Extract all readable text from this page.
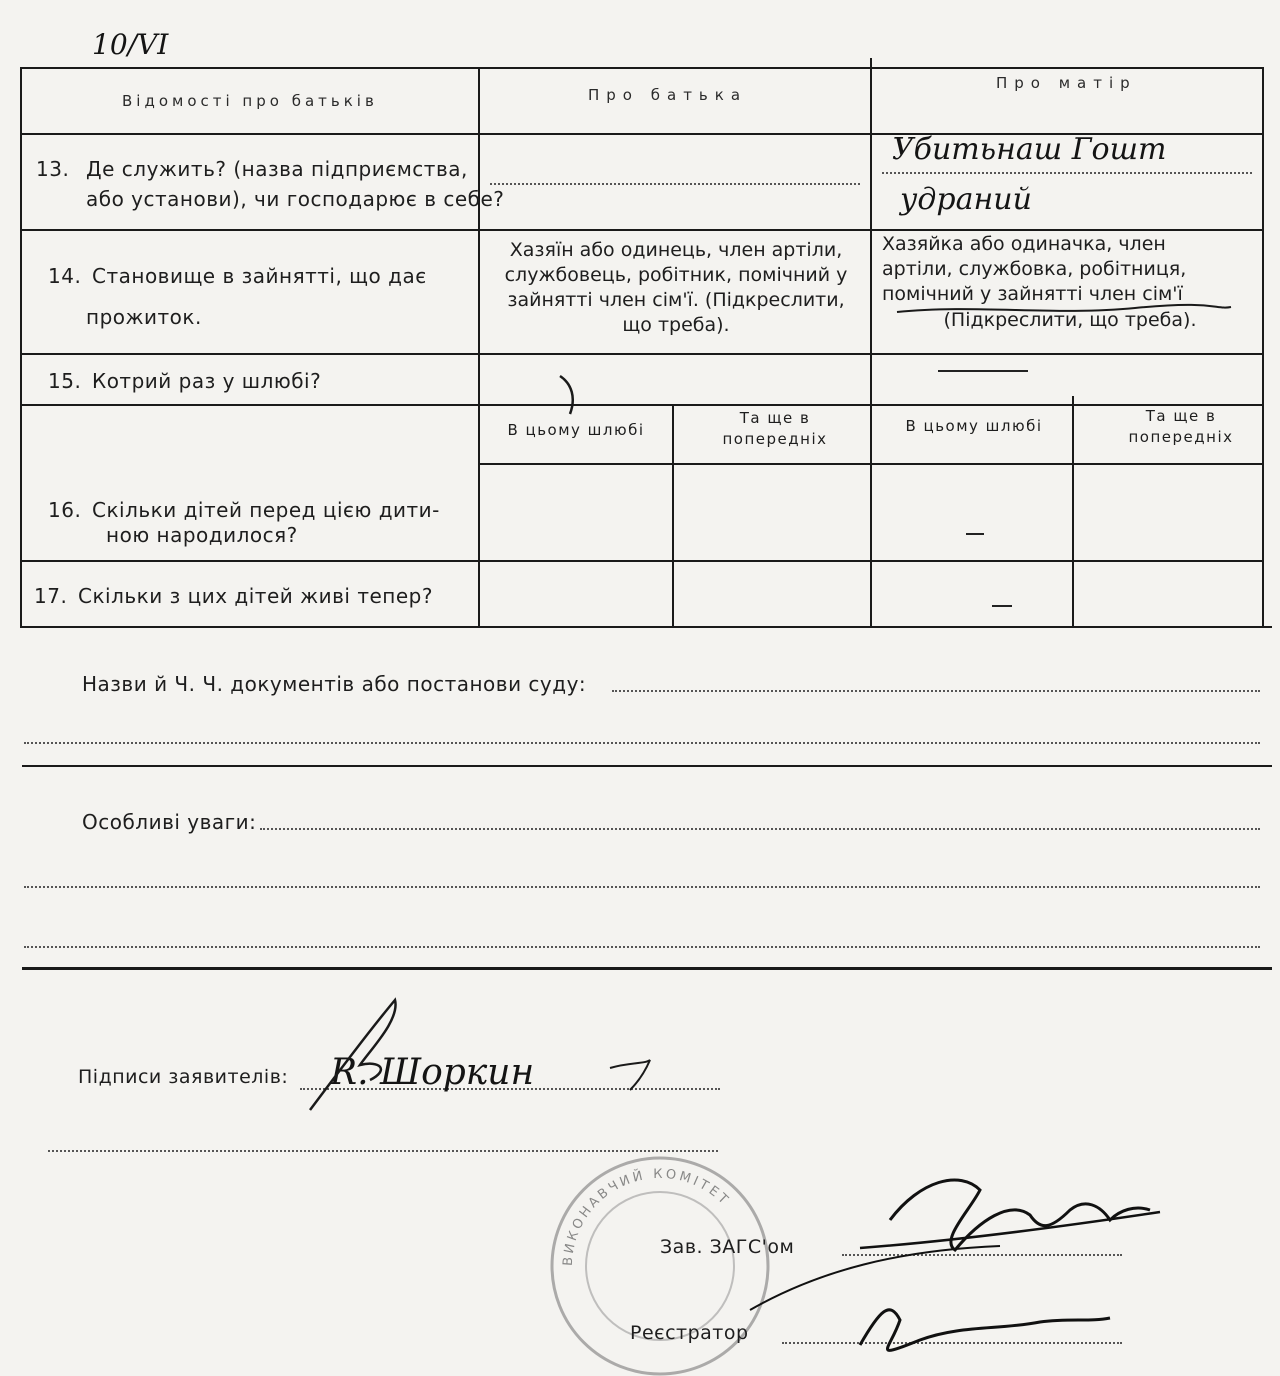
10/VI
Відомості про батьків	Про батька
Про матір
13. Де служить? (назва підприємства,
або установи), чи господарює в себе?
Убитьнаш Гошт
удраний
14. Становище в зайнятті, що дає
прожиток.
Хазяїн або одинець, член артіли, службовець, робітник, помічний у зайнятті член сім'ї. (Підкреслити, що треба).
Хазяйка або одиначка, член
артіли, службовка, робітниця,
помічний у зайнятті член сім'ї
(Підкреслити, що треба).
15. Котрий раз у шлюбі?
В цьому шлюбі
Та ще в попередніх
В цьому шлюбі
Та ще в попередніх
16. Скільки дітей перед цією дити-
ною народилося?
17. Скільки з цих дітей живі тепер?
Назви й Ч. Ч. документів або постанови суду:
Особливі уваги:
Підписи заявителів: R. Шоркин
ВИКОНАВЧИЙ КОМІТЕТ
Зав. ЗАГС'ом
Реєстратор
